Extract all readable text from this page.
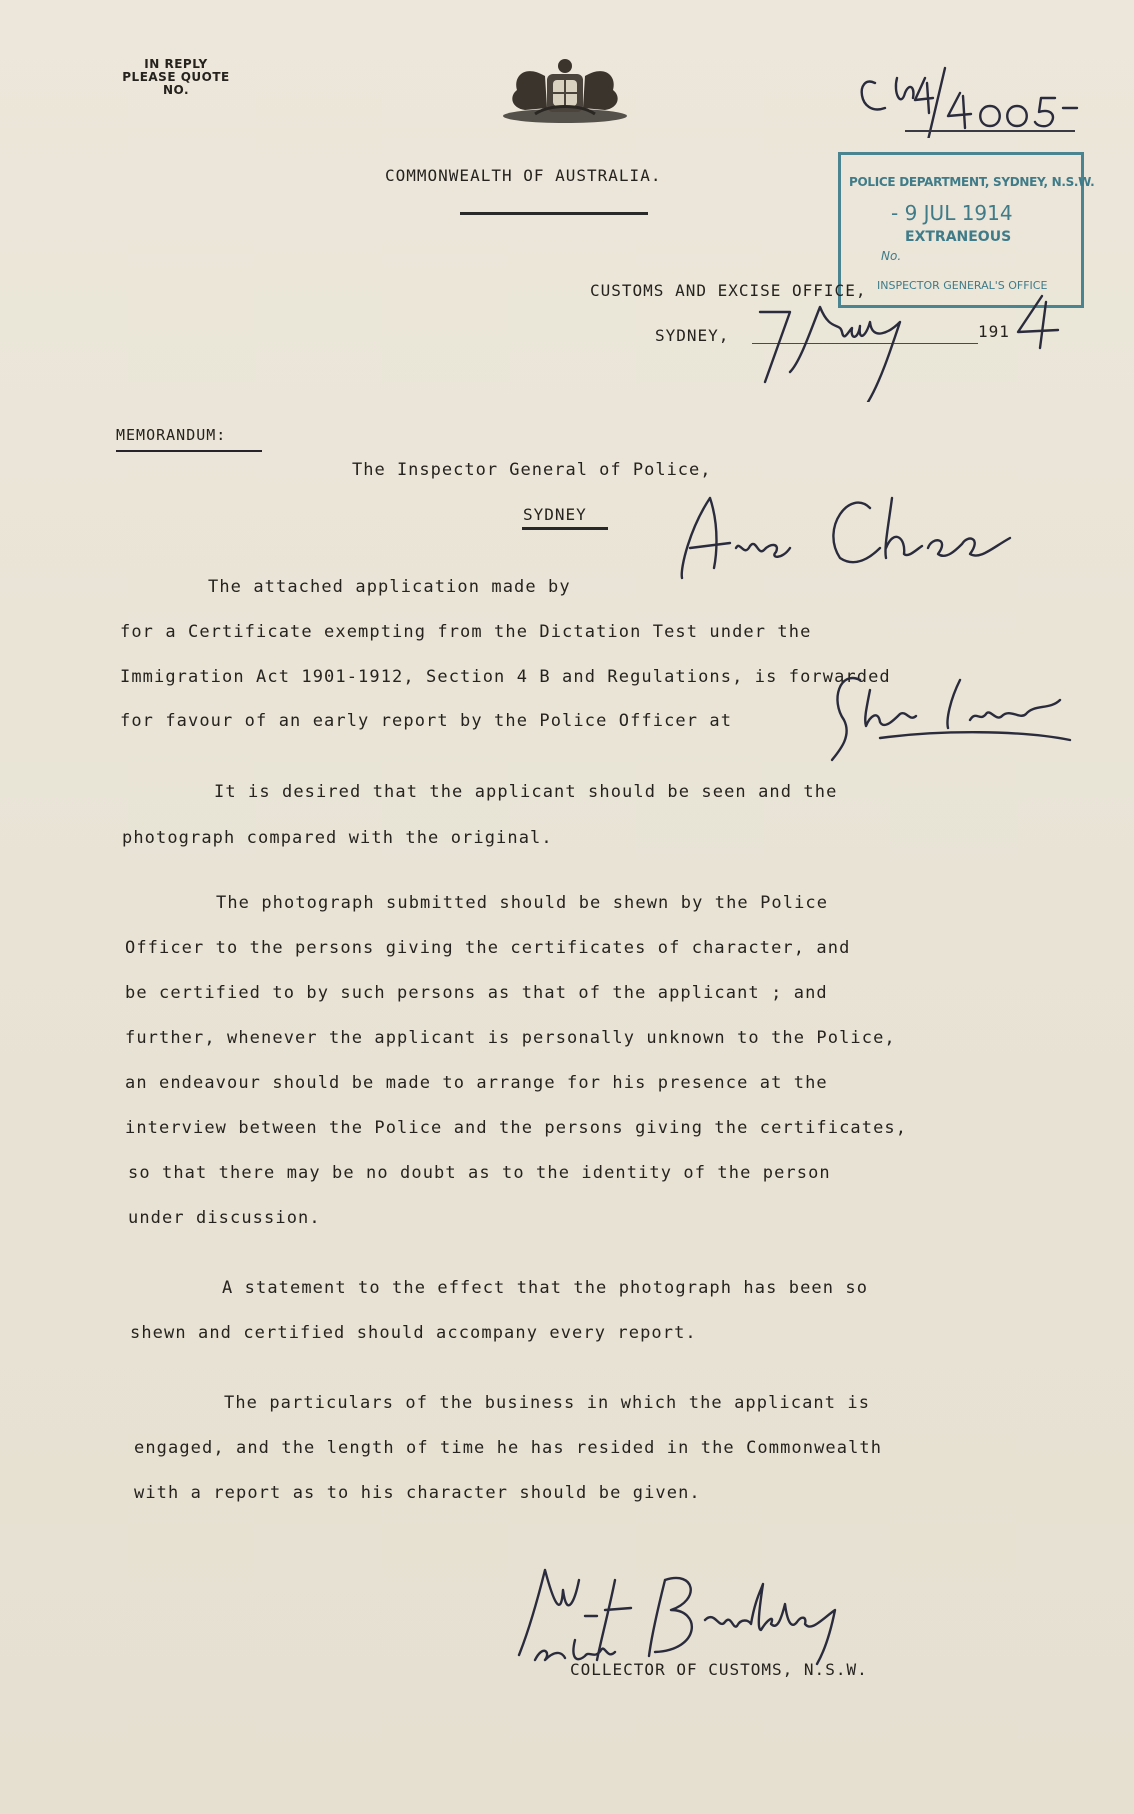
IN REPLY
PLEASE QUOTE
NO.
COMMONWEALTH OF AUSTRALIA.	POLICE DEPARTMENT, SYDNEY, N.S.W.
- 9 JUL 1914
EXTRANEOUS
No.
INSPECTOR GENERAL'S OFFICE
CUSTOMS AND EXCISE OFFICE,
SYDNEY,	191
MEMORANDUM:
The Inspector General of Police,
SYDNEY
The attached application made by
for a Certificate exempting from the Dictation Test under the
Immigration Act 1901-1912, Section 4 B and Regulations, is forwarded
for favour of an early report by the Police Officer at
It is desired that the applicant should be seen and the
photograph compared with the original.
The photograph submitted should be shewn by the Police
Officer to the persons giving the certificates of character, and
be certified to by such persons as that of the applicant ; and
further, whenever the applicant is personally unknown to the Police,
an endeavour should be made to arrange for his presence at the
interview between the Police and the persons giving the certificates,
so that there may be no doubt as to the identity of the person
under discussion.
A statement to the effect that the photograph has been so
shewn and certified should accompany every report.
The particulars of the business in which the applicant is
engaged, and the length of time he has resided in the Commonwealth
with a report as to his character should be given.
COLLECTOR OF CUSTOMS, N.S.W.
